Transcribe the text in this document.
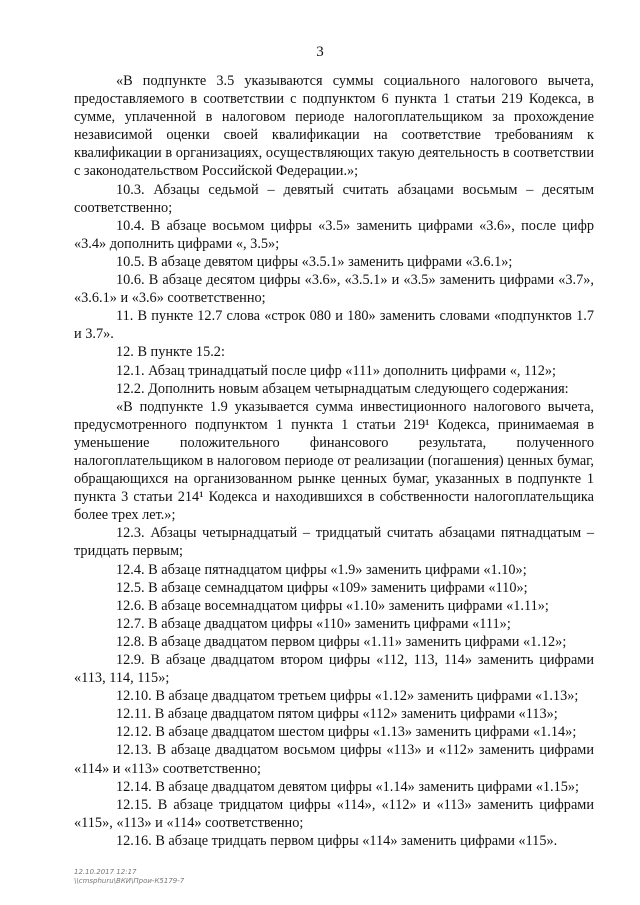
3

«В подпункте 3.5 указываются суммы социального налогового вычета, предоставляемого в соответствии с подпунктом 6 пункта 1 статьи 219 Кодекса, в сумме, уплаченной в налоговом периоде налогоплательщиком за прохождение независимой оценки своей квалификации на соответствие требованиям к квалификации в организациях, осуществляющих такую деятельность в соответствии с законодательством Российской Федерации.»;

10.3. Абзацы седьмой – девятый считать абзацами восьмым – десятым соответственно;

10.4. В абзаце восьмом цифры «3.5» заменить цифрами «3.6», после цифр «3.4» дополнить цифрами «, 3.5»;

10.5. В абзаце девятом цифры «3.5.1» заменить цифрами «3.6.1»;

10.6. В абзаце десятом цифры «3.6», «3.5.1» и «3.5» заменить цифрами «3.7», «3.6.1» и «3.6» соответственно;

11. В пункте 12.7 слова «строк 080 и 180» заменить словами «подпунктов 1.7 и 3.7».

12. В пункте 15.2:

12.1. Абзац тринадцатый после цифр «111» дополнить цифрами «, 112»;

12.2. Дополнить новым абзацем четырнадцатым следующего содержания:

«В подпункте 1.9 указывается сумма инвестиционного налогового вычета, предусмотренного подпунктом 1 пункта 1 статьи 219¹ Кодекса, принимаемая в уменьшение положительного финансового результата, полученного налогоплательщиком в налоговом периоде от реализации (погашения) ценных бумаг, обращающихся на организованном рынке ценных бумаг, указанных в подпункте 1 пункта 3 статьи 214¹ Кодекса и находившихся в собственности налогоплательщика более трех лет.»;

12.3. Абзацы четырнадцатый – тридцатый считать абзацами пятнадцатым – тридцать первым;

12.4. В абзаце пятнадцатом цифры «1.9» заменить цифрами «1.10»;

12.5. В абзаце семнадцатом цифры «109» заменить цифрами «110»;

12.6. В абзаце восемнадцатом цифры «1.10» заменить цифрами «1.11»;

12.7. В абзаце двадцатом цифры «110» заменить цифрами «111»;

12.8. В абзаце двадцатом первом цифры «1.11» заменить цифрами «1.12»;

12.9. В абзаце двадцатом втором цифры «112, 113, 114» заменить цифрами «113, 114, 115»;

12.10. В абзаце двадцатом третьем цифры «1.12» заменить цифрами «1.13»;

12.11. В абзаце двадцатом пятом цифры «112» заменить цифрами «113»;

12.12. В абзаце двадцатом шестом цифры «1.13» заменить цифрами «1.14»;

12.13. В абзаце двадцатом восьмом цифры «113» и «112» заменить цифрами «114» и «113» соответственно;

12.14. В абзаце двадцатом девятом цифры «1.14» заменить цифрами «1.15»;

12.15. В абзаце тридцатом цифры «114», «112» и «113» заменить цифрами «115», «113» и «114» соответственно;

12.16. В абзаце тридцать первом цифры «114» заменить цифрами «115».

12.10.2017 12:17
\\cmsphuru\ВКИ\Прои-К5179-7
